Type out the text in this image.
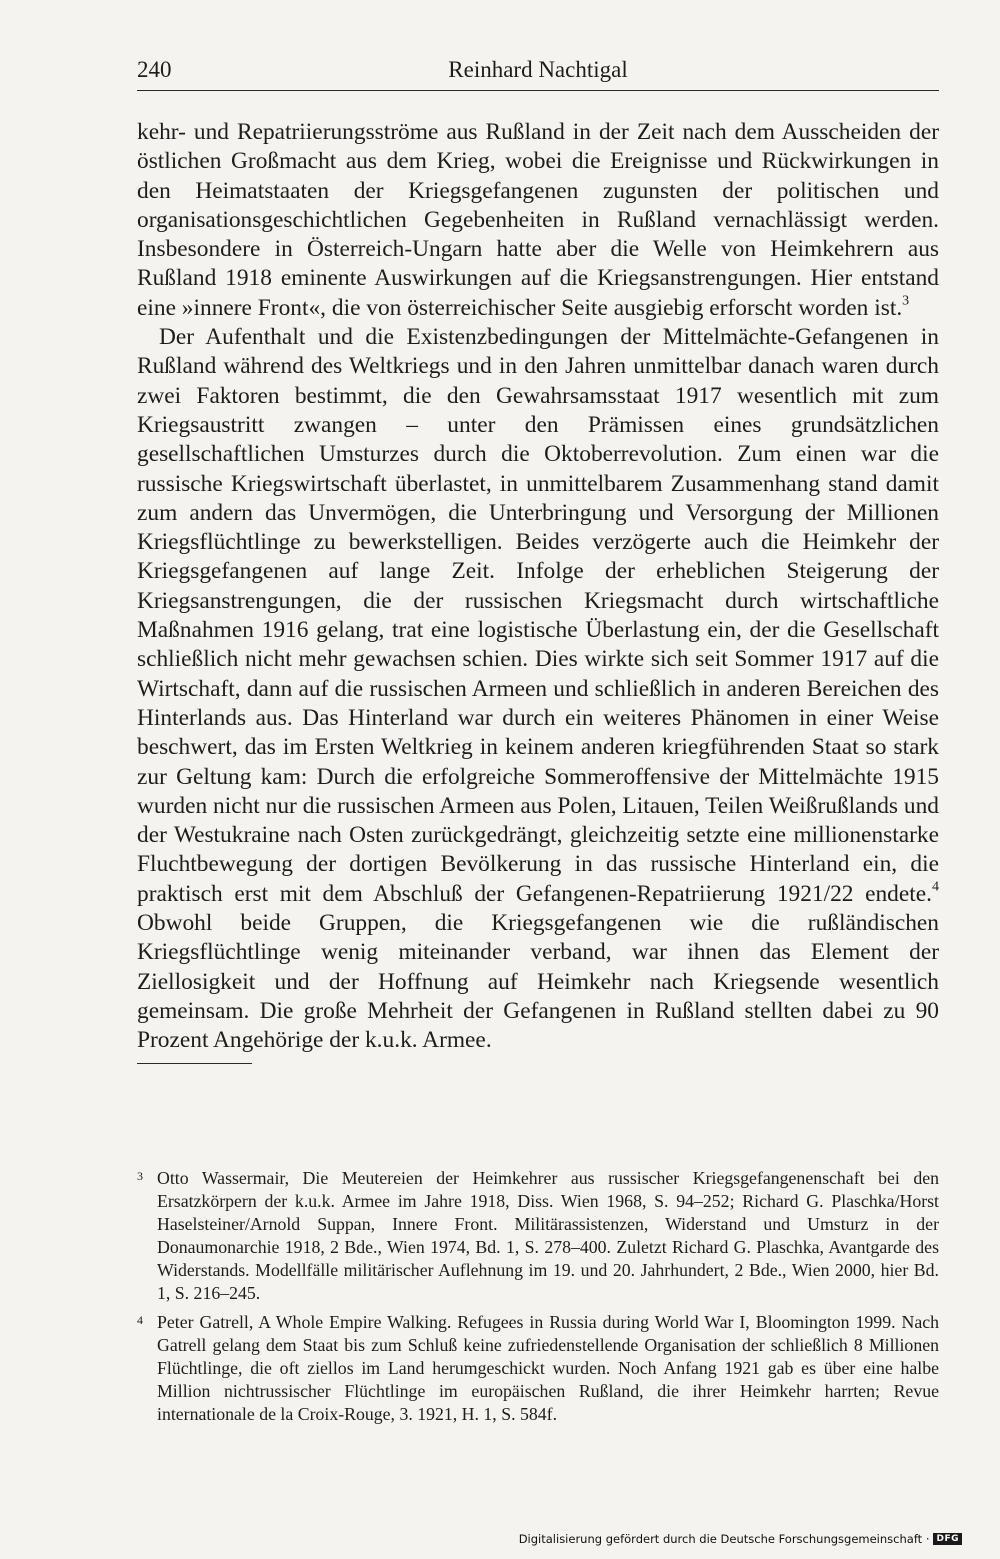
240	Reinhard Nachtigal

kehr- und Repatriierungsströme aus Rußland in der Zeit nach dem Ausscheiden der östlichen Großmacht aus dem Krieg, wobei die Ereignisse und Rückwirkungen in den Heimatstaaten der Kriegsgefangenen zugunsten der politischen und organisationsgeschichtlichen Gegebenheiten in Rußland vernachlässigt werden. Insbesondere in Österreich-Ungarn hatte aber die Welle von Heimkehrern aus Rußland 1918 eminente Auswirkungen auf die Kriegsanstrengungen. Hier entstand eine »innere Front«, die von österreichischer Seite ausgiebig erforscht worden ist.$^3$

Der Aufenthalt und die Existenzbedingungen der Mittelmächte-Gefangenen in Rußland während des Weltkriegs und in den Jahren unmittelbar danach waren durch zwei Faktoren bestimmt, die den Gewahrsamsstaat 1917 wesentlich mit zum Kriegsaustritt zwangen – unter den Prämissen eines grundsätzlichen gesellschaftlichen Umsturzes durch die Oktoberrevolution. Zum einen war die russische Kriegswirtschaft überlastet, in unmittelbarem Zusammenhang stand damit zum andern das Unvermögen, die Unterbringung und Versorgung der Millionen Kriegsflüchtlinge zu bewerkstelligen. Beides verzögerte auch die Heimkehr der Kriegsgefangenen auf lange Zeit. Infolge der erheblichen Steigerung der Kriegsanstrengungen, die der russischen Kriegsmacht durch wirtschaftliche Maßnahmen 1916 gelang, trat eine logistische Überlastung ein, der die Gesellschaft schließlich nicht mehr gewachsen schien. Dies wirkte sich seit Sommer 1917 auf die Wirtschaft, dann auf die russischen Armeen und schließlich in anderen Bereichen des Hinterlands aus. Das Hinterland war durch ein weiteres Phänomen in einer Weise beschwert, das im Ersten Weltkrieg in keinem anderen kriegführenden Staat so stark zur Geltung kam: Durch die erfolgreiche Sommeroffensive der Mittelmächte 1915 wurden nicht nur die russischen Armeen aus Polen, Litauen, Teilen Weißrußlands und der Westukraine nach Osten zurückgedrängt, gleichzeitig setzte eine millionenstarke Fluchtbewegung der dortigen Bevölkerung in das russische Hinterland ein, die praktisch erst mit dem Abschluß der Gefangenen-Repatriierung 1921/22 endete.$^4$ Obwohl beide Gruppen, die Kriegsgefangenen wie die rußländischen Kriegsflüchtlinge wenig miteinander verband, war ihnen das Element der Ziellosigkeit und der Hoffnung auf Heimkehr nach Kriegsende wesentlich gemeinsam. Die große Mehrheit der Gefangenen in Rußland stellten dabei zu 90 Prozent Angehörige der k.u.k. Armee.

3 Otto Wassermair, Die Meutereien der Heimkehrer aus russischer Kriegsgefangenenschaft bei den Ersatzkörpern der k.u.k. Armee im Jahre 1918, Diss. Wien 1968, S. 94–252; Richard G. Plaschka/Horst Haselsteiner/Arnold Suppan, Innere Front. Militärassistenzen, Widerstand und Umsturz in der Donaumonarchie 1918, 2 Bde., Wien 1974, Bd. 1, S. 278–400. Zuletzt Richard G. Plaschka, Avantgarde des Widerstands. Modellfälle militärischer Auflehnung im 19. und 20. Jahrhundert, 2 Bde., Wien 2000, hier Bd. 1, S. 216–245.
4 Peter Gatrell, A Whole Empire Walking. Refugees in Russia during World War I, Bloomington 1999. Nach Gatrell gelang dem Staat bis zum Schluß keine zufriedenstellende Organisation der schließlich 8 Millionen Flüchtlinge, die oft ziellos im Land herumgeschickt wurden. Noch Anfang 1921 gab es über eine halbe Million nichtrussischer Flüchtlinge im europäischen Rußland, die ihrer Heimkehr harrten; Revue internationale de la Croix-Rouge, 3. 1921, H. 1, S. 584f.
Digitalisierung gefördert durch die Deutsche Forschungsgemeinschaft · DFG
